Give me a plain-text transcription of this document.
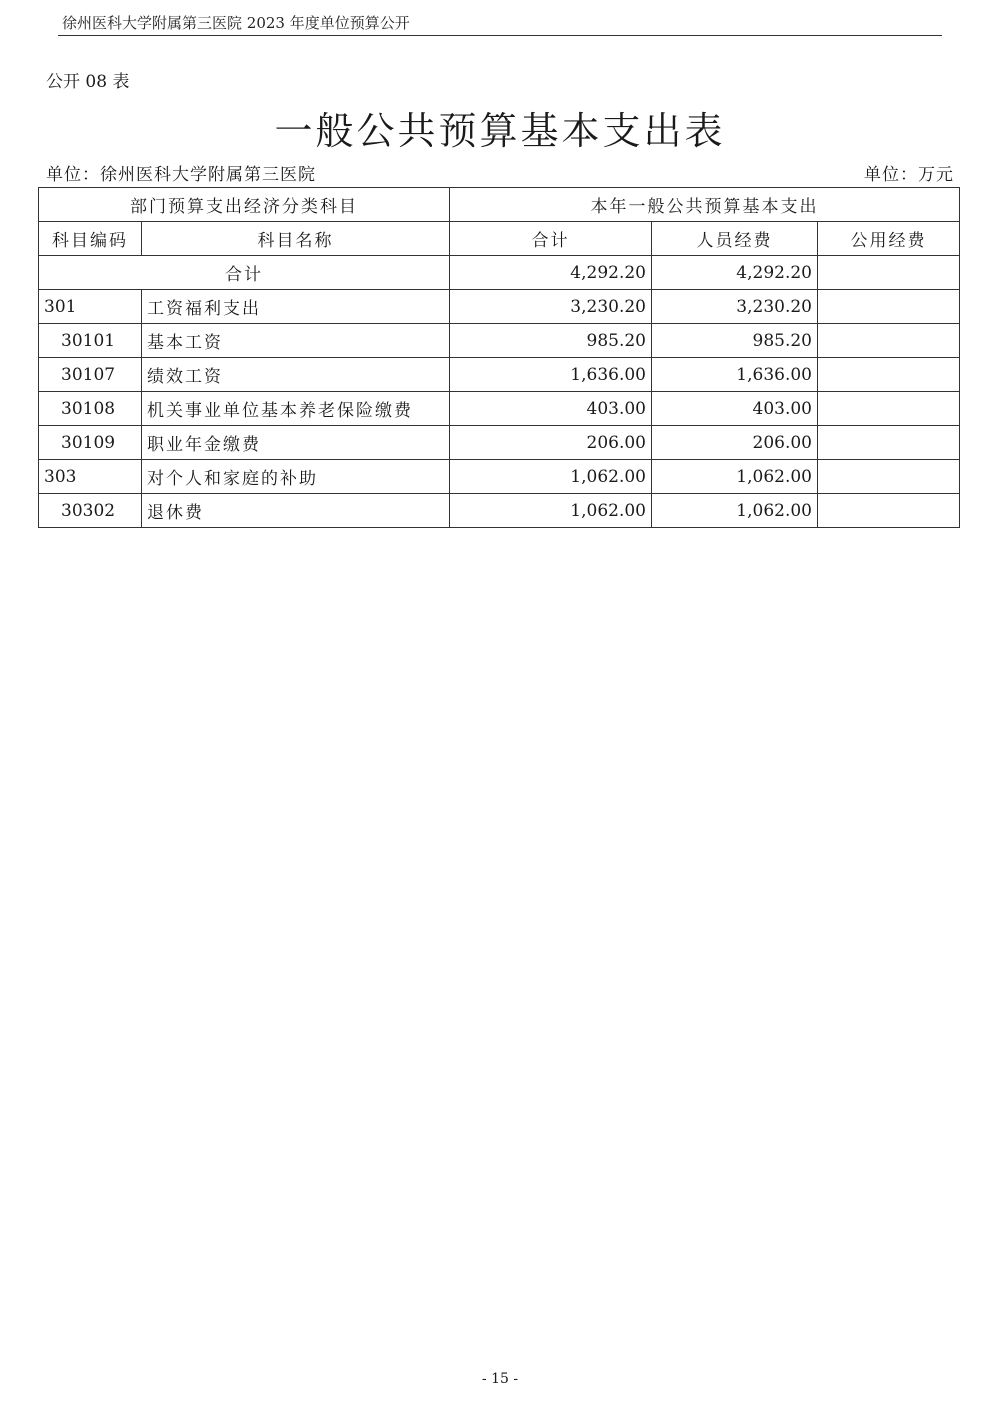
徐州医科大学附属第三医院 2023 年度单位预算公开
公开 08 表
一般公共预算基本支出表
单位：徐州医科大学附属第三医院	单位：万元
部门预算支出经济分类科目		本年一般公共预算基本支出		
科目编码	科目名称	合计	人员经费	公用经费
合计		4,292.20	4,292.20	
301	工资福利支出	3,230.20	3,230.20	
30101	基本工资	985.20	985.20	
30107	绩效工资	1,636.00	1,636.00	
30108	机关事业单位基本养老保险缴费	403.00	403.00	
30109	职业年金缴费	206.00	206.00	
303	对个人和家庭的补助	1,062.00	1,062.00	
30302	退休费	1,062.00	1,062.00	
- 15 -
